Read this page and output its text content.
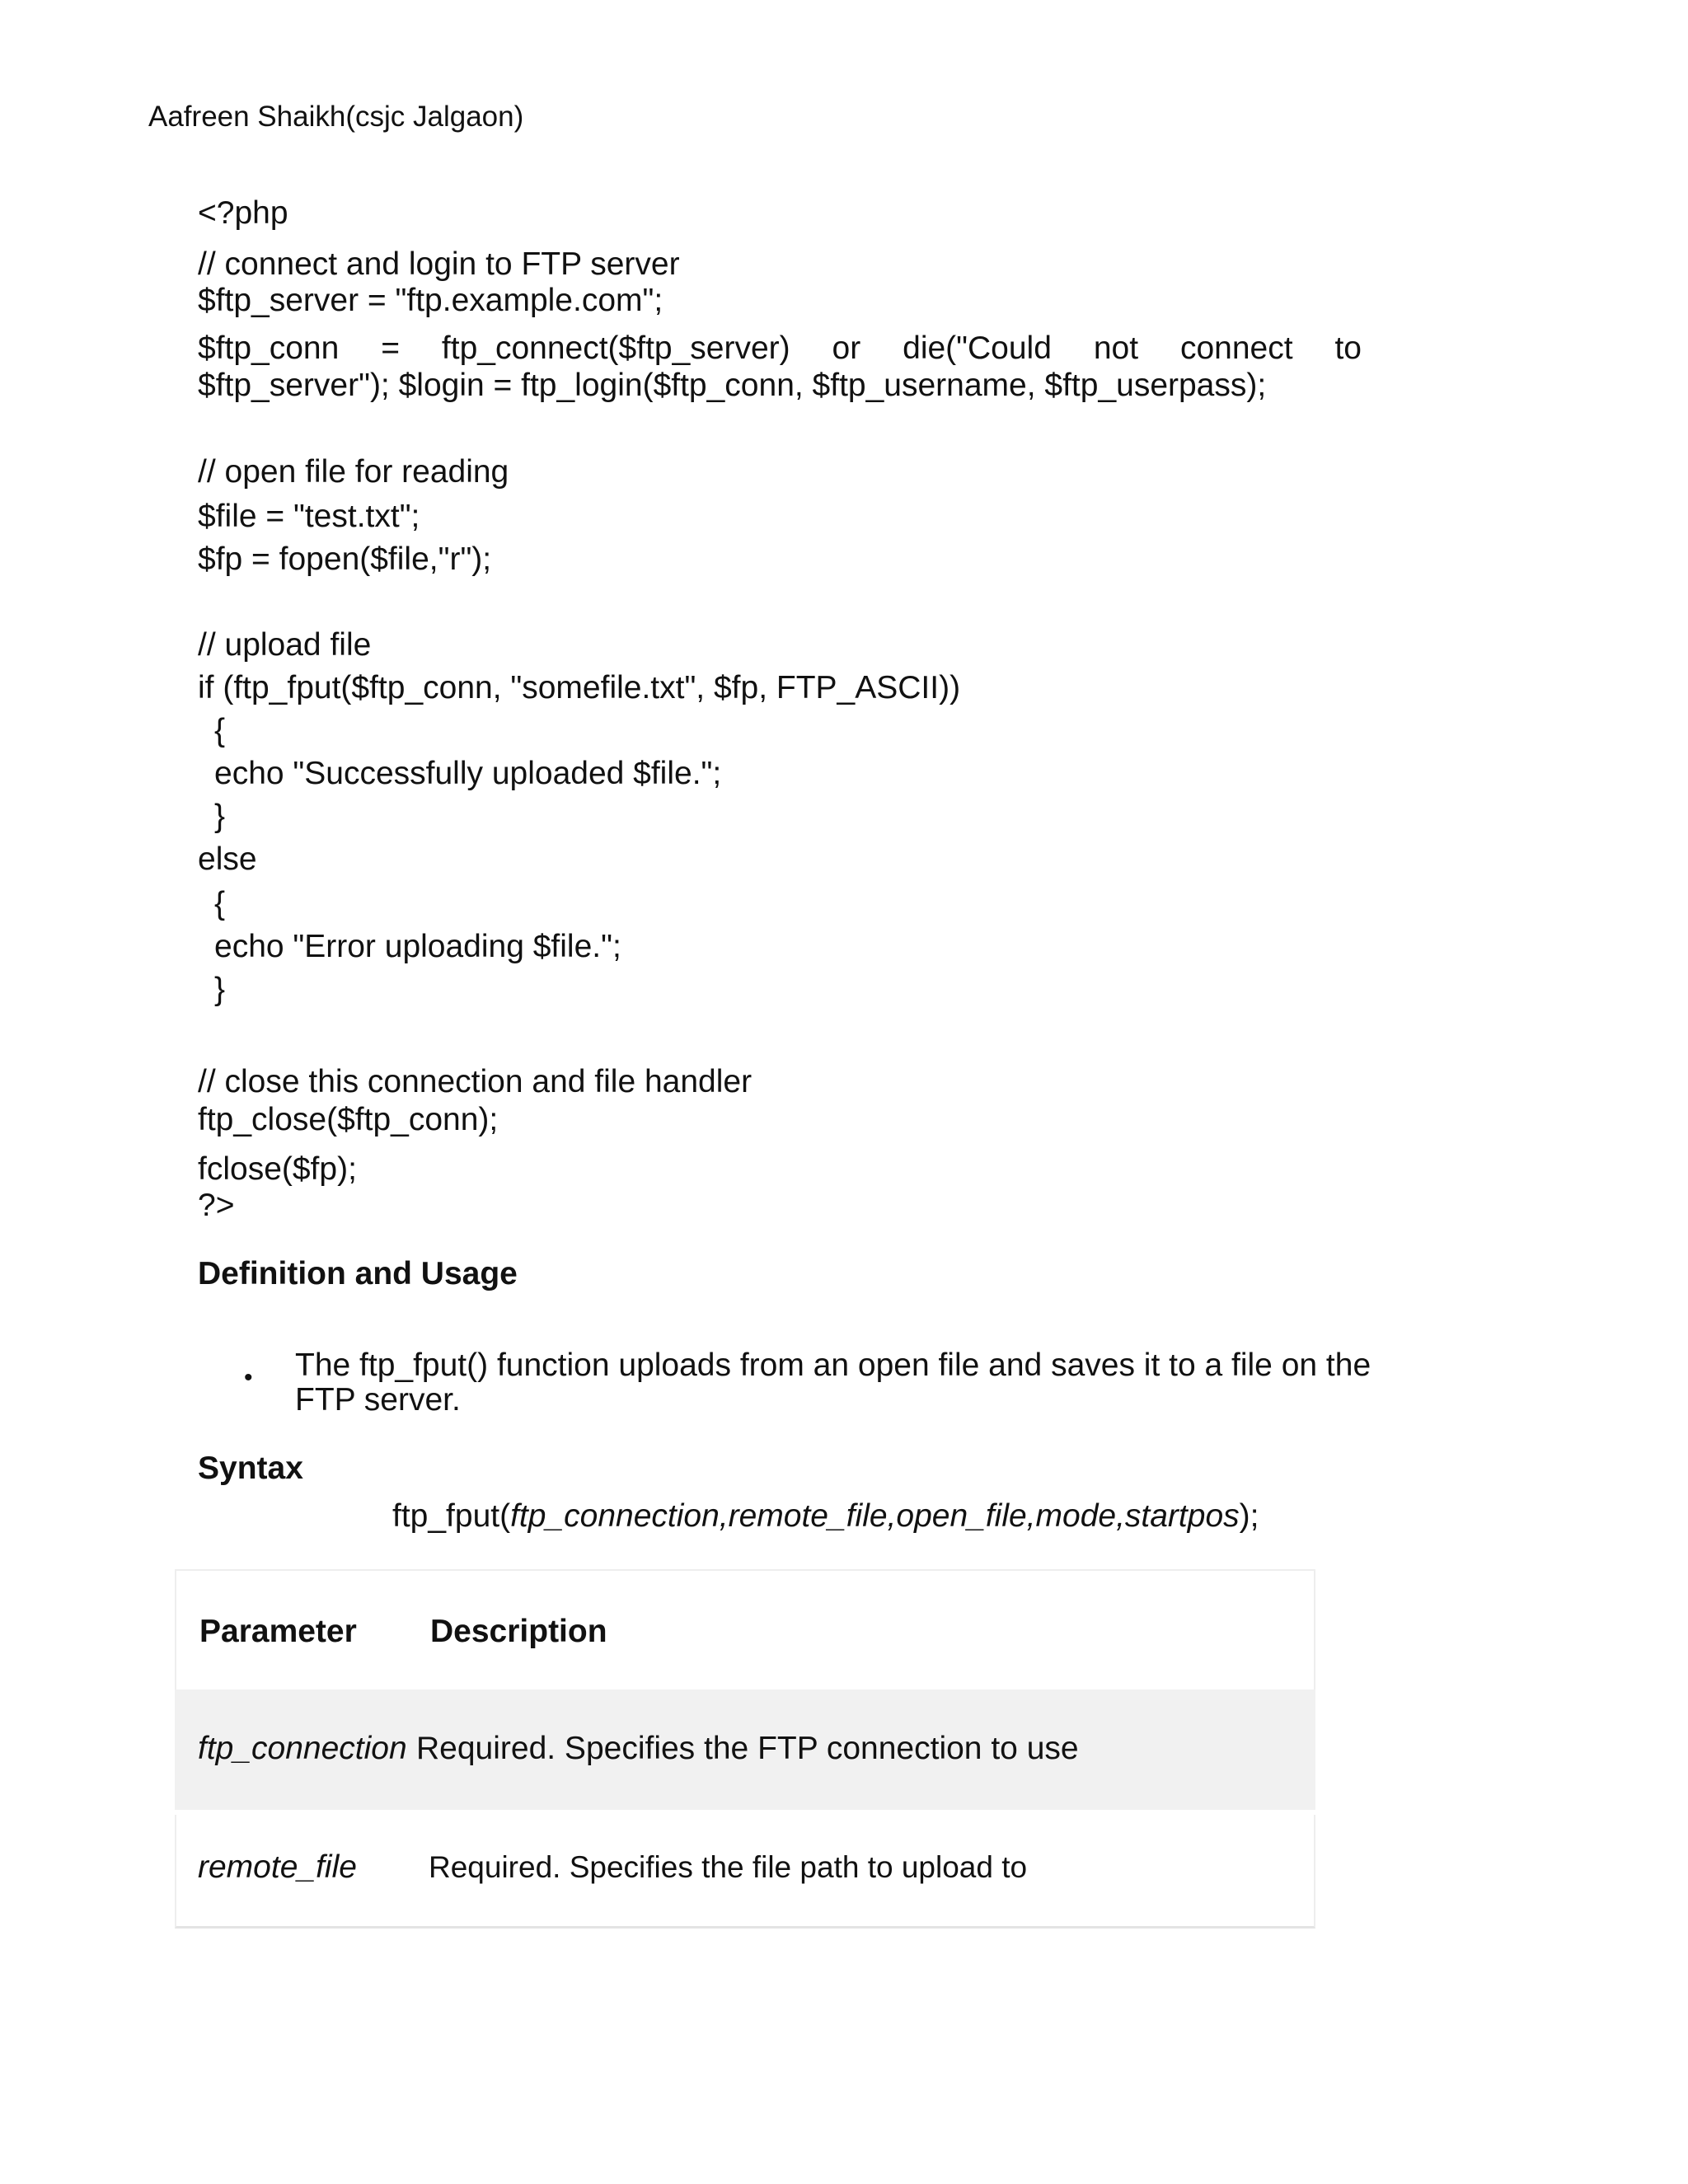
Aafreen Shaikh(csjc Jalgaon)
<?php
// connect and login to FTP server
$ftp_server = "ftp.example.com";
$ftp_conn = ftp_connect($ftp_server) or die("Could not connect to
$ftp_server"); $login = ftp_login($ftp_conn, $ftp_username, $ftp_userpass);
// open file for reading
$file = "test.txt";
$fp = fopen($file,"r");
// upload file
if (ftp_fput($ftp_conn, "somefile.txt", $fp, FTP_ASCII))
{
echo "Successfully uploaded $file.";
}
else
{
echo "Error uploading $file.";
}
// close this connection and file handler
ftp_close($ftp_conn);
fclose($fp);
?>
Definition and Usage
• The ftp_fput() function uploads from an open file and saves it to a file on the FTP server.
Syntax
ftp_fput(ftp_connection,remote_file,open_file,mode,startpos);
Parameter Description
ftp_connection Required. Specifies the FTP connection to use
remote_file Required. Specifies the file path to upload to
